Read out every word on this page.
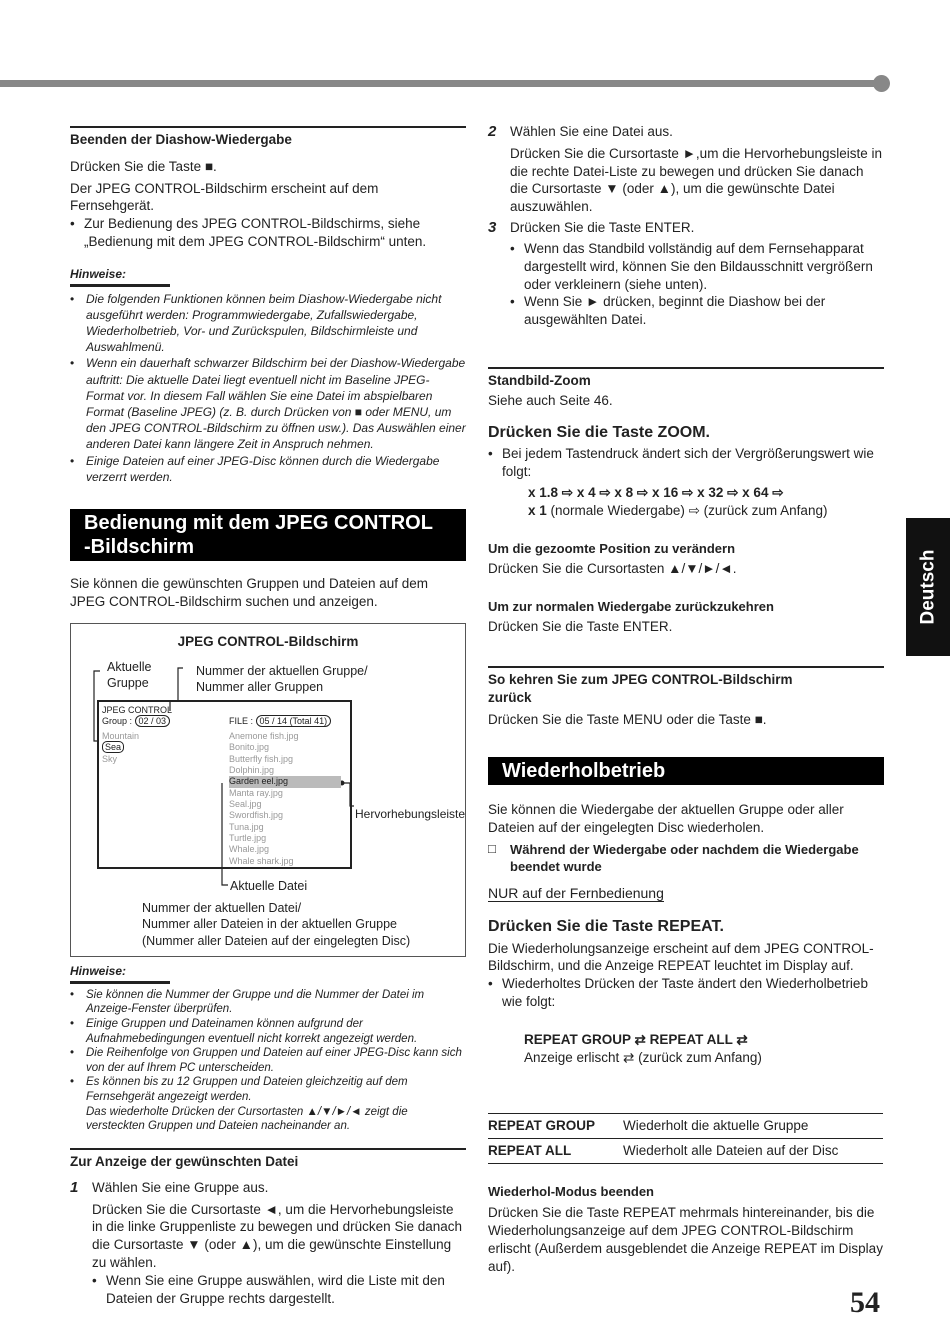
Deutsch
Beenden der Diashow-Wiedergabe
Drücken Sie die Taste ■.
Der JPEG CONTROL-Bildschirm erscheint auf dem Fernsehgerät.
• Zur Bedienung des JPEG CONTROL-Bildschirms, siehe „Bedienung mit dem JPEG CONTROL-Bildschirm“ unten.
Hinweise:
• Die folgenden Funktionen können beim Diashow-Wiedergabe nicht ausgeführt werden: Programmwiedergabe, Zufallswiedergabe, Wiederholbetrieb, Vor- und Zurückspulen, Bildschirmleiste und Auswahlmenü.
• Wenn ein dauerhaft schwarzer Bildschirm bei der Diashow-Wiedergabe auftritt: Die aktuelle Datei liegt eventuell nicht im Baseline JPEG-Format vor. In diesem Fall wählen Sie eine Datei im abspielbaren Format (Baseline JPEG) (z. B. durch Drücken von ■ oder MENU, um den JPEG CONTROL-Bildschirm zu öffnen usw.). Das Auswählen einer anderen Datei kann längere Zeit in Anspruch nehmen.
• Einige Dateien auf einer JPEG-Disc können durch die Wiedergabe verzerrt werden.
Bedienung mit dem JPEG CONTROL
-Bildschirm
Sie können die gewünschten Gruppen und Dateien auf dem JPEG CONTROL-Bildschirm suchen und anzeigen.
JPEG CONTROL-Bildschirm
Aktuelle
Gruppe
Nummer der aktuellen Gruppe/
Nummer aller Gruppen
JPEG CONTROL
Group : 02 / 03	FILE : 05 / 14 (Total 41)
Mountain
Sea
Sky
Anemone fish.jpg
Bonito.jpg
Butterfly fish.jpg
Dolphin.jpg
Garden eel.jpg
Manta ray.jpg
Seal.jpg
Swordfish.jpg
Tuna.jpg
Turtle.jpg
Whale.jpg
Whale shark.jpg
Hervorhebungsleiste
Aktuelle Datei
Nummer der aktuellen Datei/
Nummer aller Dateien in der aktuellen Gruppe
(Nummer aller Dateien auf der eingelegten Disc)
Hinweise:
• Sie können die Nummer der Gruppe und die Nummer der Datei im Anzeige-Fenster überprüfen.
• Einige Gruppen und Dateinamen können aufgrund der Aufnahmebedingungen eventuell nicht korrekt angezeigt werden.
• Die Reihenfolge von Gruppen und Dateien auf einer JPEG-Disc kann sich von der auf Ihrem PC unterscheiden.
• Es können bis zu 12 Gruppen und Dateien gleichzeitig auf dem Fernsehgerät angezeigt werden.
Das wiederholte Drücken der Cursortasten ▲/▼/►/◄ zeigt die versteckten Gruppen und Dateien nacheinander an.
Zur Anzeige der gewünschten Datei
1 Wählen Sie eine Gruppe aus.
Drücken Sie die Cursortaste ◄, um die Hervorhebungsleiste in die linke Gruppenliste zu bewegen und drücken Sie danach die Cursortaste ▼ (oder ▲), um die gewünschte Einstellung zu wählen.
• Wenn Sie eine Gruppe auswählen, wird die Liste mit den Dateien der Gruppe rechts dargestellt.
2 Wählen Sie eine Datei aus.
Drücken Sie die Cursortaste ►,um die Hervorhebungsleiste in die rechte Datei-Liste zu bewegen und drücken Sie danach die Cursortaste ▼ (oder ▲), um die gewünschte Datei auszuwählen.
3 Drücken Sie die Taste ENTER.
• Wenn das Standbild vollständig auf dem Fernsehapparat dargestellt wird, können Sie den Bildausschnitt vergrößern oder verkleinern (siehe unten).
• Wenn Sie ► drücken, beginnt die Diashow bei der ausgewählten Datei.
Standbild-Zoom
Siehe auch Seite 46.
Drücken Sie die Taste ZOOM.
• Bei jedem Tastendruck ändert sich der Vergrößerungswert wie folgt:
x 1.8 ⇨ x 4 ⇨ x 8 ⇨ x 16 ⇨ x 32 ⇨ x 64 ⇨
x 1 (normale Wiedergabe) ⇨ (zurück zum Anfang)
Um die gezoomte Position zu verändern
Drücken Sie die Cursortasten ▲/▼/►/◄.
Um zur normalen Wiedergabe zurückzukehren
Drücken Sie die Taste ENTER.
So kehren Sie zum JPEG CONTROL-Bildschirm
zurück
Drücken Sie die Taste MENU oder die Taste ■.
Wiederholbetrieb
Sie können die Wiedergabe der aktuellen Gruppe oder aller Dateien auf der eingelegten Disc wiederholen.
□ Während der Wiedergabe oder nachdem die Wiedergabe beendet wurde
NUR auf der Fernbedienung
Drücken Sie die Taste REPEAT.
Die Wiederholungsanzeige erscheint auf dem JPEG CONTROL-Bildschirm, und die Anzeige REPEAT leuchtet im Display auf.
• Wiederholtes Drücken der Taste ändert den Wiederholbetrieb wie folgt:
REPEAT GROUP ⇄ REPEAT ALL ⇄
Anzeige erlischt ⇄ (zurück zum Anfang)
REPEAT GROUP	Wiederholt die aktuelle Gruppe
REPEAT ALL	Wiederholt alle Dateien auf der Disc
Wiederhol-Modus beenden
Drücken Sie die Taste REPEAT mehrmals hintereinander, bis die Wiederholungsanzeige auf dem JPEG CONTROL-Bildschirm erlischt (Außerdem ausgeblendet die Anzeige REPEAT im Display auf).
54
